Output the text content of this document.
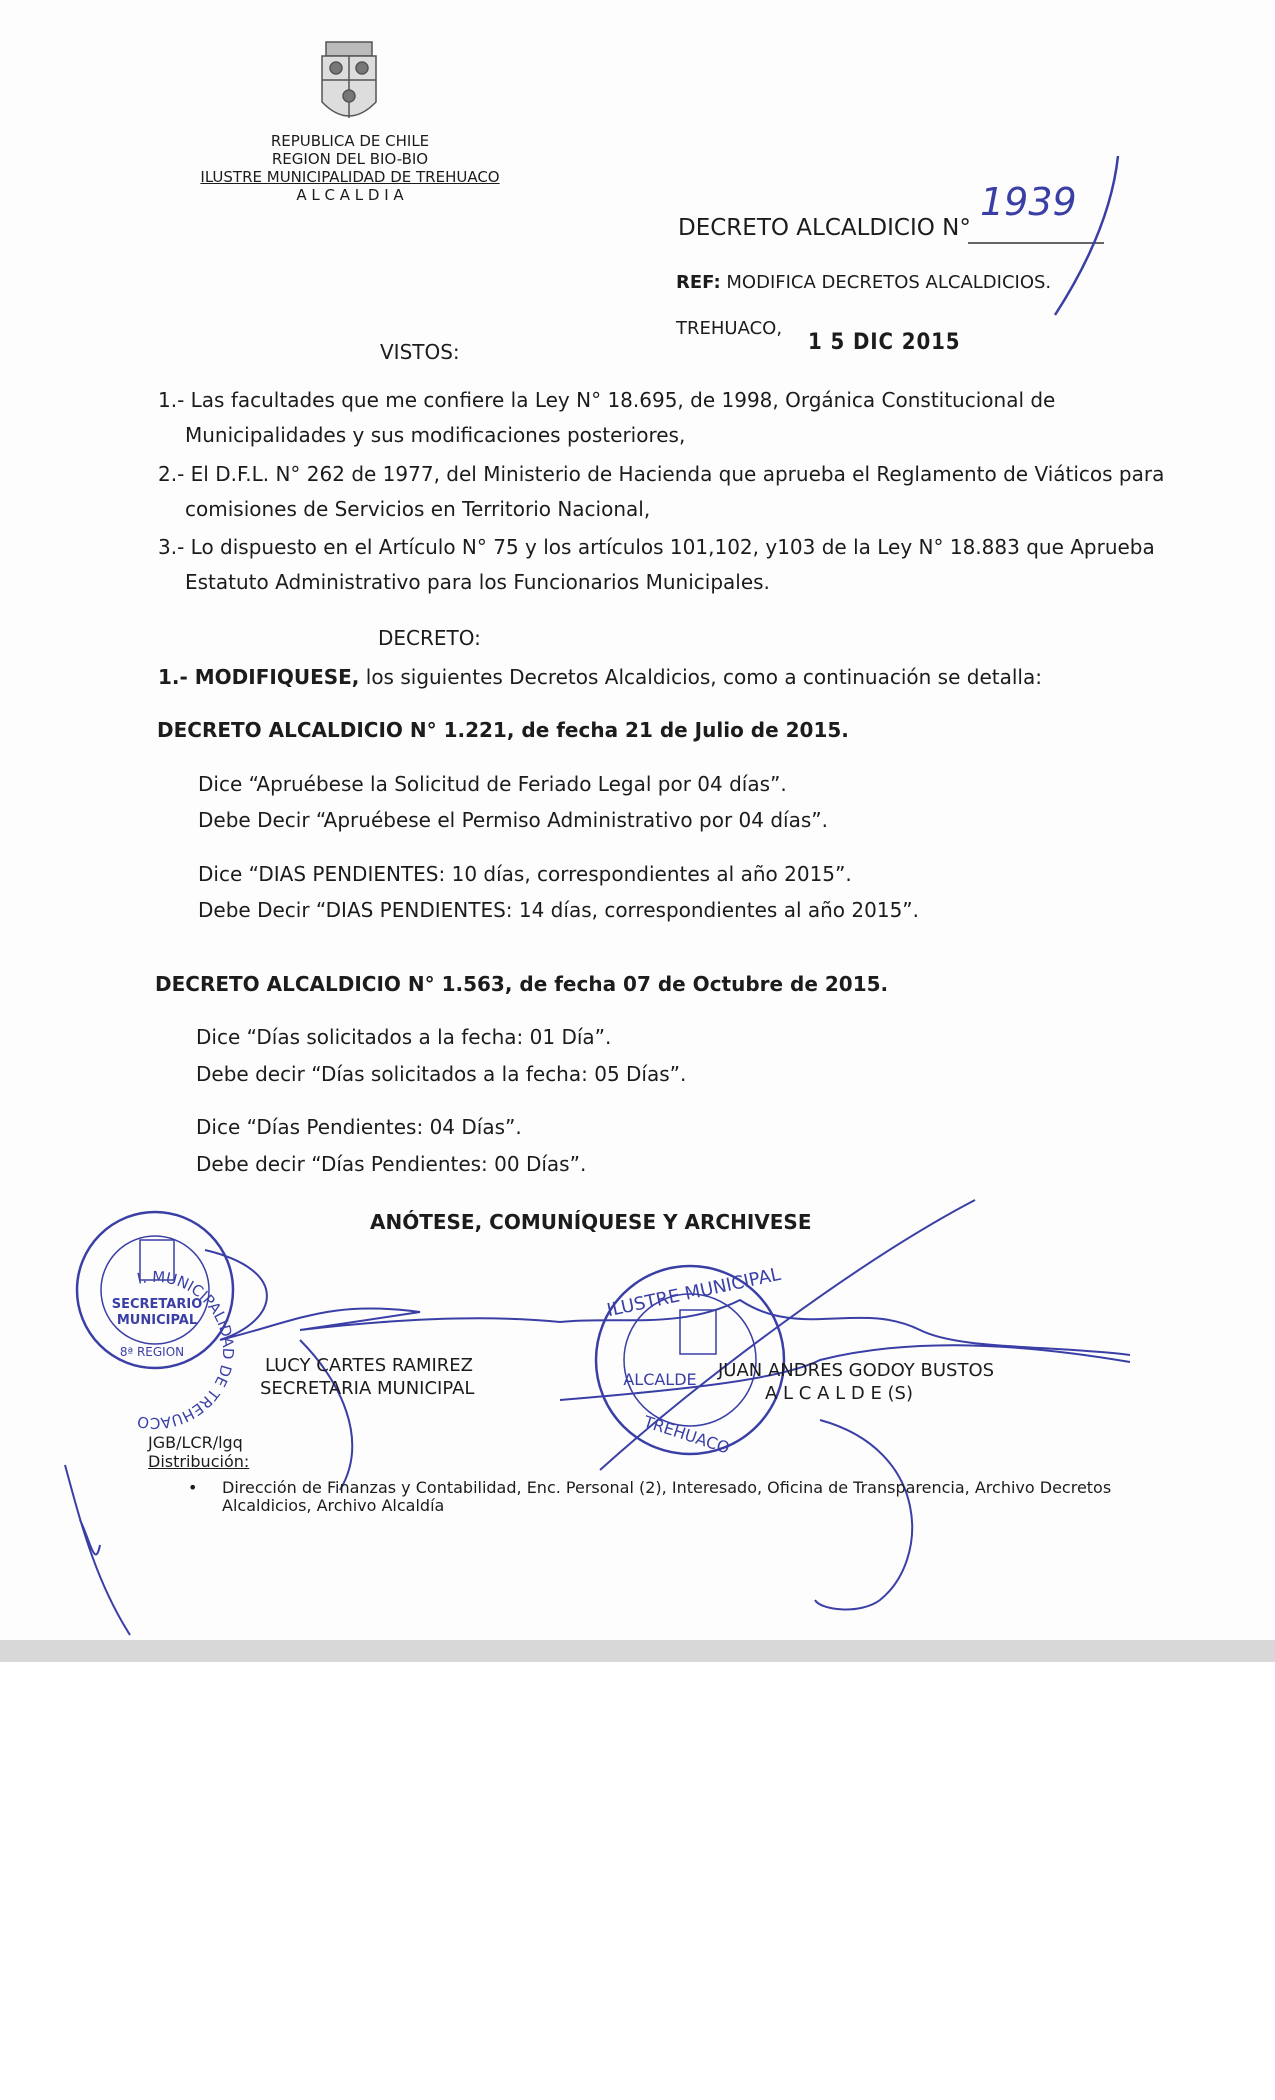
REPUBLICA DE CHILE
REGION DEL BIO-BIO
ILUSTRE MUNICIPALIDAD DE TREHUACO
A L C A L D I A
DECRETO ALCALDICIO N°
1939
REF: MODIFICA DECRETOS ALCALDICIOS.
TREHUACO,
1 5 DIC 2015
VISTOS:
1.- Las facultades que me confiere la Ley N° 18.695, de 1998, Orgánica Constitucional de
Municipalidades y sus modificaciones posteriores,
2.- El D.F.L. N° 262 de 1977, del Ministerio de Hacienda que aprueba el Reglamento de Viáticos para
comisiones de Servicios en Territorio Nacional,
3.- Lo dispuesto en el Artículo N° 75 y los artículos 101,102, y103 de la Ley N° 18.883 que Aprueba
Estatuto Administrativo para los Funcionarios Municipales.
DECRETO:
1.- MODIFIQUESE, los siguientes Decretos Alcaldicios, como a continuación se detalla:
DECRETO ALCALDICIO N° 1.221, de fecha 21 de Julio de 2015.
Dice “Apruébese la Solicitud de Feriado Legal por 04 días”.
Debe Decir “Apruébese el Permiso Administrativo por 04 días”.
Dice “DIAS PENDIENTES: 10 días, correspondientes al año 2015”.
Debe Decir “DIAS PENDIENTES: 14 días, correspondientes al año 2015”.
DECRETO ALCALDICIO N° 1.563, de fecha 07 de Octubre de 2015.
Dice “Días solicitados a la fecha: 01 Día”.
Debe decir “Días solicitados a la fecha: 05 Días”.
Dice “Días Pendientes: 04 Días”.
Debe decir “Días Pendientes: 00 Días”.
ANÓTESE, COMUNÍQUESE Y ARCHIVESE
I. MUNICIPALIDAD DE TREHUACO
SECRETARIO
MUNICIPAL
8ª REGION
ILUSTRE MUNICIPAL
ALCALDE
TREHUACO
LUCY CARTES RAMIREZ
SECRETARIA MUNICIPAL
JUAN ANDRES GODOY BUSTOS
A L C A L D E (S)
JGB/LCR/lgq
Distribución:
• Dirección de Finanzas y Contabilidad, Enc. Personal (2), Interesado, Oficina de Transparencia, Archivo Decretos
Alcaldicios, Archivo Alcaldía
